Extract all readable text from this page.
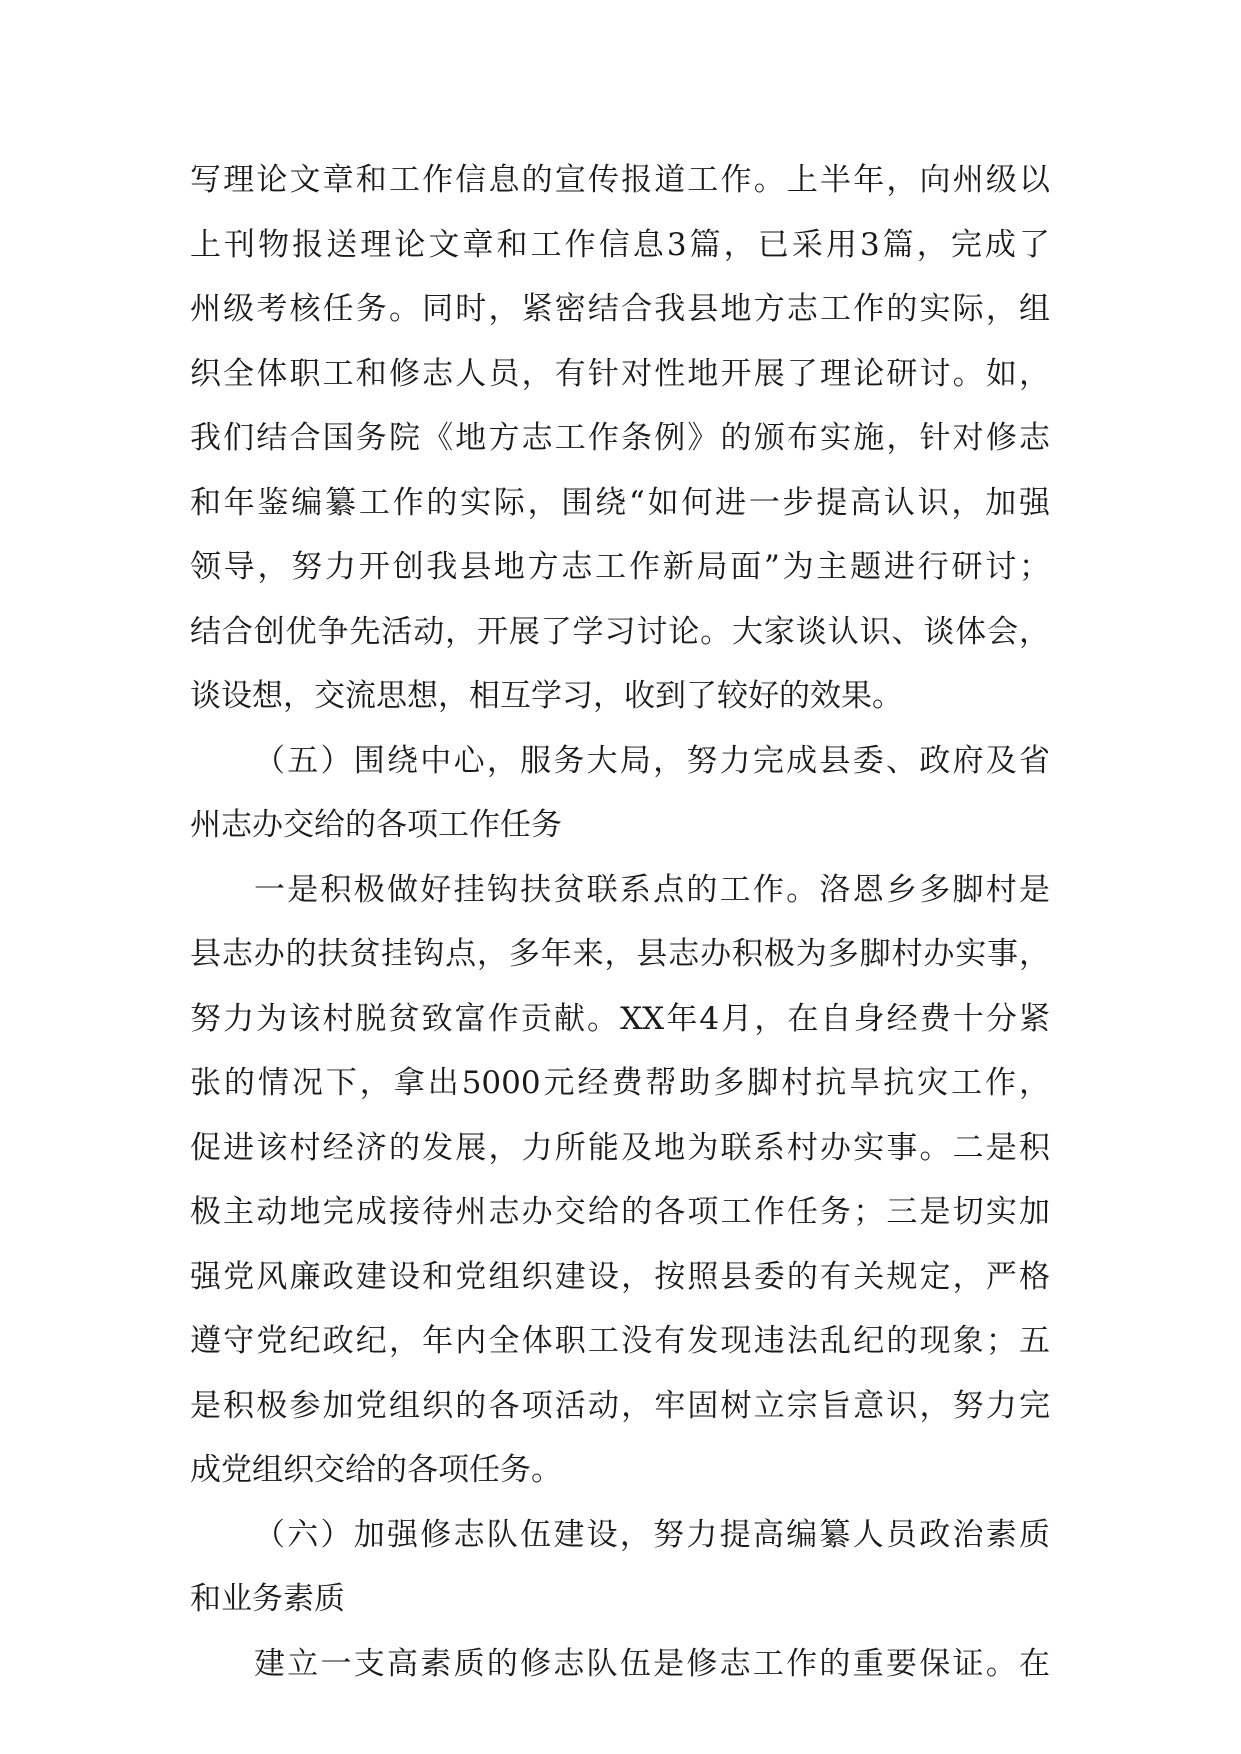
写理论文章和工作信息的宣传报道工作。上半年，向州级以
上刊物报送理论文章和工作信息3篇，已采用3篇，完成了
州级考核任务。同时，紧密结合我县地方志工作的实际，组
织全体职工和修志人员，有针对性地开展了理论研讨。如，
我们结合国务院《地方志工作条例》的颁布实施，针对修志
和年鉴编纂工作的实际，围绕“如何进一步提高认识，加强
领导，努力开创我县地方志工作新局面”为主题进行研讨；
结合创优争先活动，开展了学习讨论。大家谈认识、谈体会，
谈设想，交流思想，相互学习，收到了较好的效果。
（五）围绕中心，服务大局，努力完成县委、政府及省
州志办交给的各项工作任务
一是积极做好挂钩扶贫联系点的工作。洛恩乡多脚村是
县志办的扶贫挂钩点，多年来，县志办积极为多脚村办实事，
努力为该村脱贫致富作贡献。XX年4月，在自身经费十分紧
张的情况下，拿出5000元经费帮助多脚村抗旱抗灾工作，
促进该村经济的发展，力所能及地为联系村办实事。二是积
极主动地完成接待州志办交给的各项工作任务；三是切实加
强党风廉政建设和党组织建设，按照县委的有关规定，严格
遵守党纪政纪，年内全体职工没有发现违法乱纪的现象；五
是积极参加党组织的各项活动，牢固树立宗旨意识，努力完
成党组织交给的各项任务。
（六）加强修志队伍建设，努力提高编纂人员政治素质
和业务素质
建立一支高素质的修志队伍是修志工作的重要保证。在
